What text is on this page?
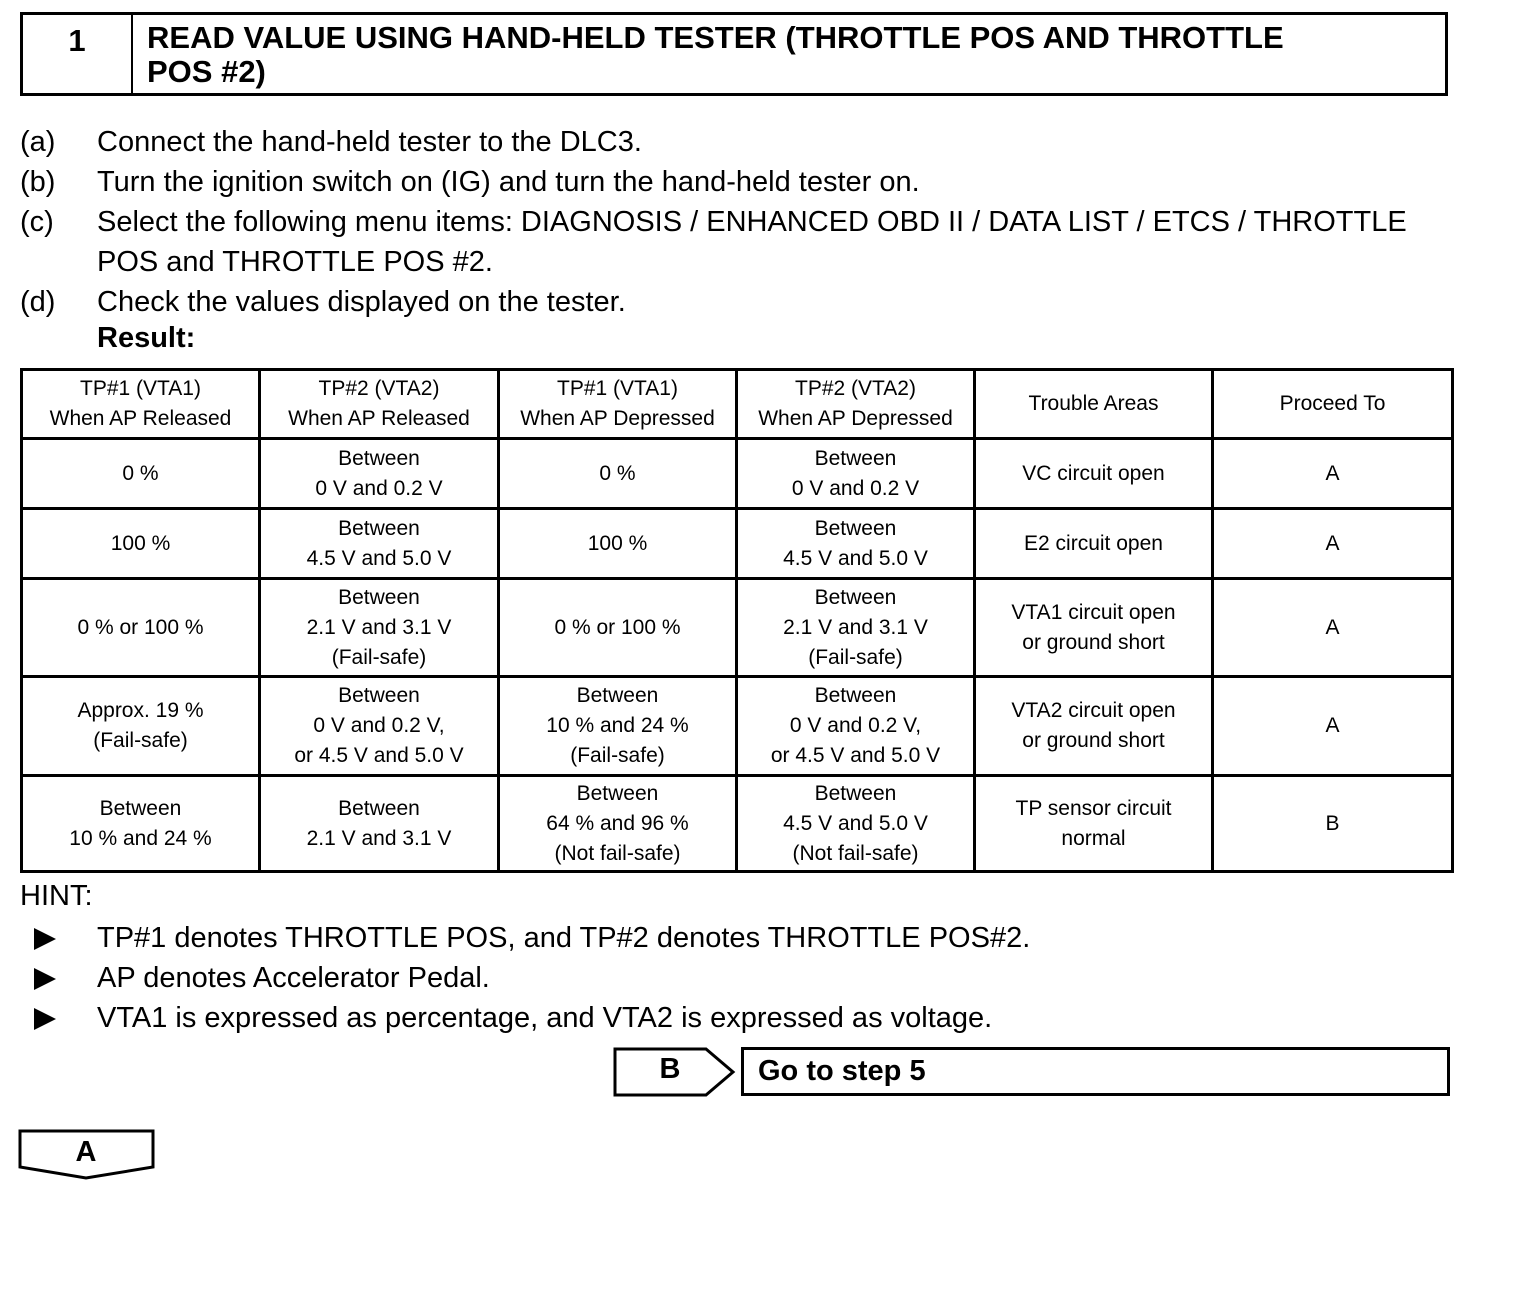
1	READ VALUE USING HAND-HELD TESTER (THROTTLE POS AND THROTTLE
POS #2)
(a) Connect the hand-held tester to the DLC3.
(b) Turn the ignition switch on (IG) and turn the hand-held tester on.
(c) Select the following menu items: DIAGNOSIS / ENHANCED OBD II / DATA LIST / ETCS / THROTTLE
POS and THROTTLE POS #2.
(d) Check the values displayed on the tester.
Result:
TP#1 (VTA1)
When AP Released	TP#2 (VTA2)
When AP Released	TP#1 (VTA1)
When AP Depressed	TP#2 (VTA2)
When AP Depressed	Trouble Areas	Proceed To
0 %	Between
0 V and 0.2 V	0 %	Between
0 V and 0.2 V	VC circuit open	A
100 %	Between
4.5 V and 5.0 V	100 %	Between
4.5 V and 5.0 V	E2 circuit open	A
0 % or 100 %	Between
2.1 V and 3.1 V
(Fail-safe)	0 % or 100 %	Between
2.1 V and 3.1 V
(Fail-safe)	VTA1 circuit open
or ground short	A
Approx. 19 %
(Fail-safe)	Between
0 V and 0.2 V,
or 4.5 V and 5.0 V	Between
10 % and 24 %
(Fail-safe)	Between
0 V and 0.2 V,
or 4.5 V and 5.0 V	VTA2 circuit open
or ground short	A
Between
10 % and 24 %	Between
2.1 V and 3.1 V	Between
64 % and 96 %
(Not fail-safe)	Between
4.5 V and 5.0 V
(Not fail-safe)	TP sensor circuit
normal	B
HINT:
TP#1 denotes THROTTLE POS, and TP#2 denotes THROTTLE POS#2.
AP denotes Accelerator Pedal.
VTA1 is expressed as percentage, and VTA2 is expressed as voltage.
B	Go to step 5
A
